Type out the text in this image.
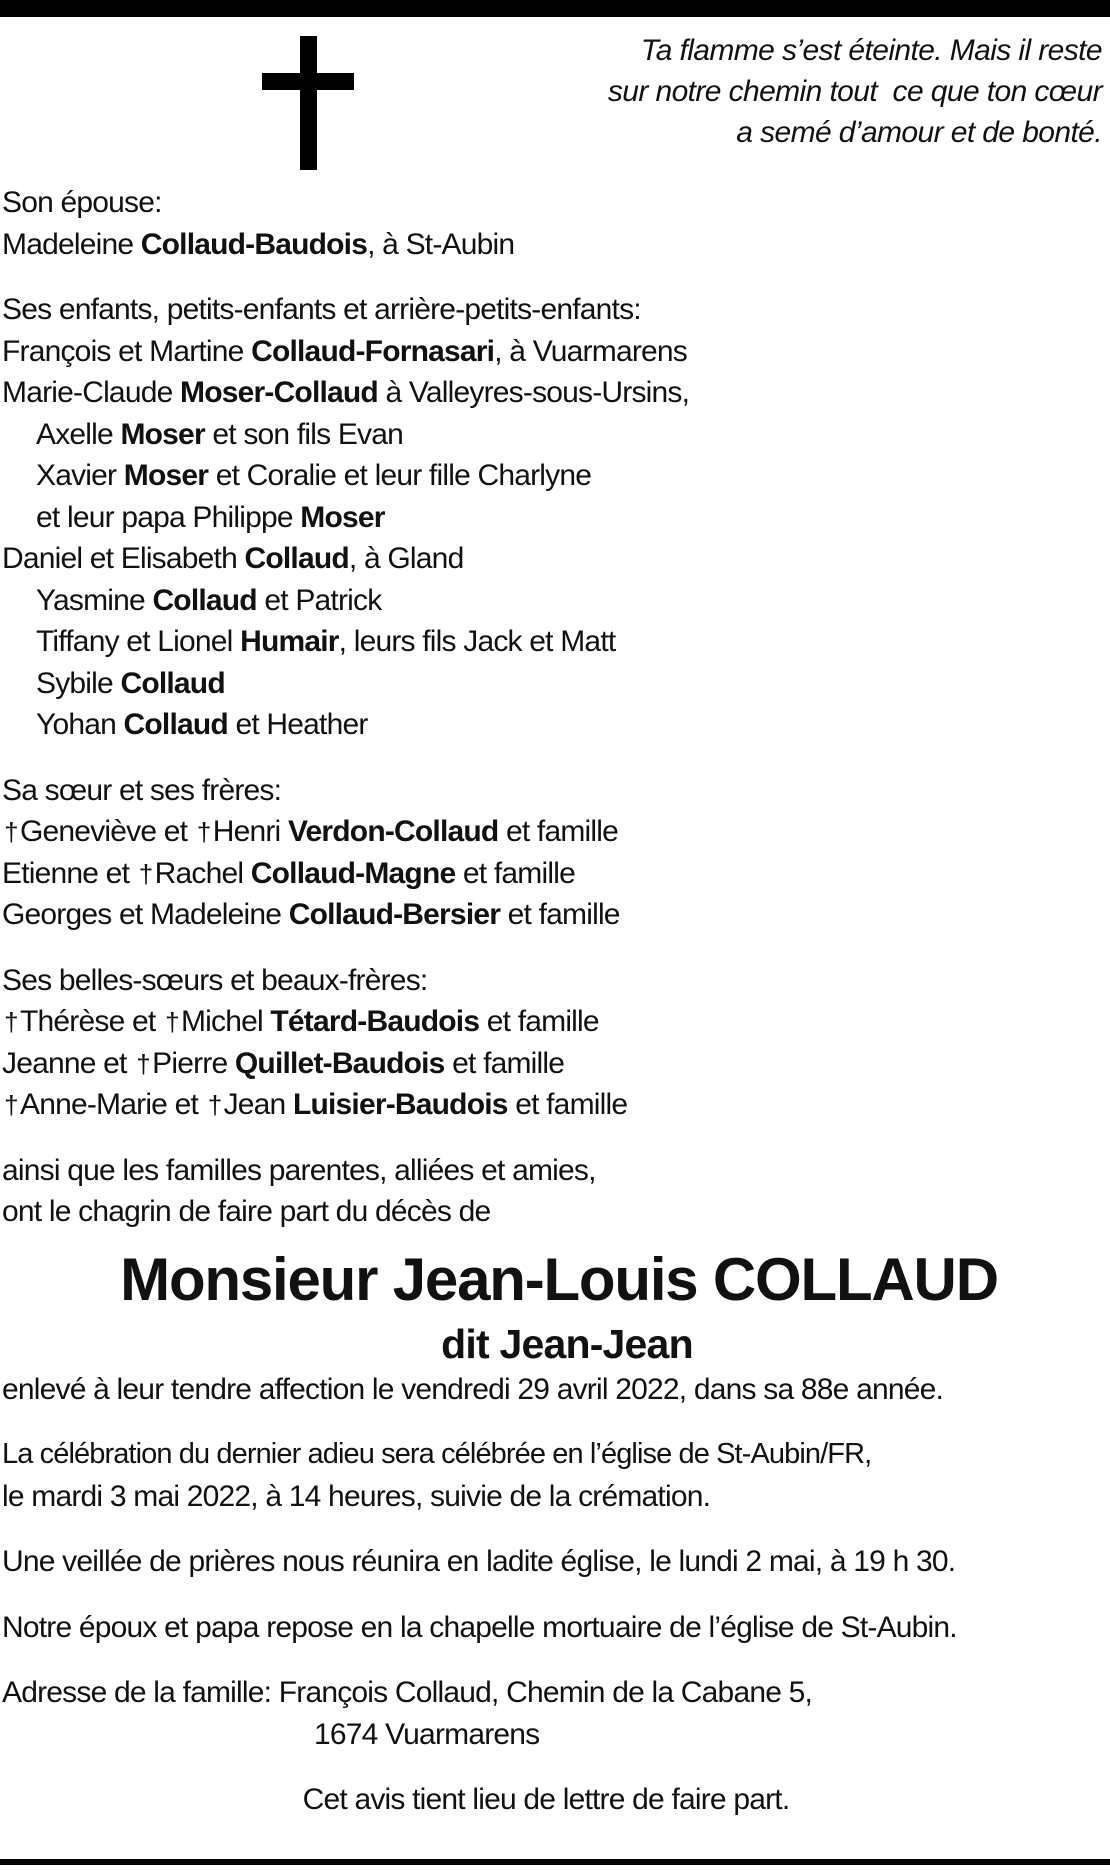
Ta flamme s’est éteinte. Mais il reste
sur notre chemin tout  ce que ton cœur
a semé d’amour et de bonté.
Son épouse:
Madeleine Collaud-Baudois, à St-Aubin
Ses enfants, petits-enfants et arrière-petits-enfants:
François et Martine Collaud-Fornasari, à Vuarmarens
Marie-Claude Moser-Collaud à Valleyres-sous-Ursins,
Axelle Moser et son fils Evan
Xavier Moser et Coralie et leur fille Charlyne
et leur papa Philippe Moser
Daniel et Elisabeth Collaud, à Gland
Yasmine Collaud et Patrick
Tiffany et Lionel Humair, leurs fils Jack et Matt
Sybile Collaud
Yohan Collaud et Heather
Sa sœur et ses frères:
†Geneviève et †Henri Verdon-Collaud et famille
Etienne et †Rachel Collaud-Magne et famille
Georges et Madeleine Collaud-Bersier et famille
Ses belles-sœurs et beaux-frères:
†Thérèse et †Michel Tétard-Baudois et famille
Jeanne et †Pierre Quillet-Baudois et famille
†Anne-Marie et †Jean Luisier-Baudois et famille
ainsi que les familles parentes, alliées et amies,
ont le chagrin de faire part du décès de
Monsieur Jean-Louis COLLAUD
dit Jean-Jean
enlevé à leur tendre affection le vendredi 29 avril 2022, dans sa 88e année.
La célébration du dernier adieu sera célébrée en l’église de St-Aubin/FR,
le mardi 3 mai 2022, à 14 heures, suivie de la crémation.
Une veillée de prières nous réunira en ladite église, le lundi 2 mai, à 19 h 30.
Notre époux et papa repose en la chapelle mortuaire de l’église de St-Aubin.
Adresse de la famille: François Collaud, Chemin de la Cabane 5,
1674 Vuarmarens
Cet avis tient lieu de lettre de faire part.
